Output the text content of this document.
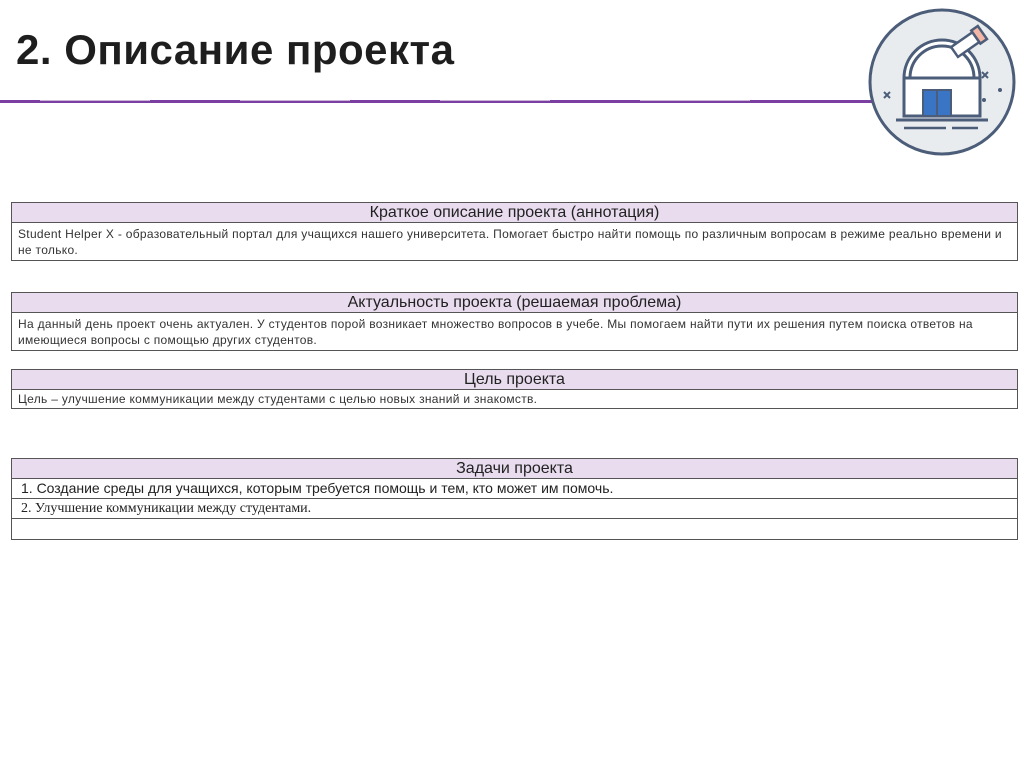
2. Описание проекта
Краткое описание проекта (аннотация)
Student Helper X - образовательный портал для учащихся нашего университета. Помогает быстро найти помощь по различным вопросам в режиме реально времени и не только.
Актуальность проекта (решаемая проблема)
На данный день проект очень актуален. У студентов порой возникает множество вопросов в учебе. Мы помогаем найти пути их решения путем поиска ответов на имеющиеся вопросы с помощью других студентов.
Цель проекта
Цель – улучшение коммуникации между студентами с целью новых знаний и знакомств.
Задачи проекта
1. Создание среды для учащихся, которым требуется помощь и тем, кто может им помочь.
2. Улучшение коммуникации между студентами.
